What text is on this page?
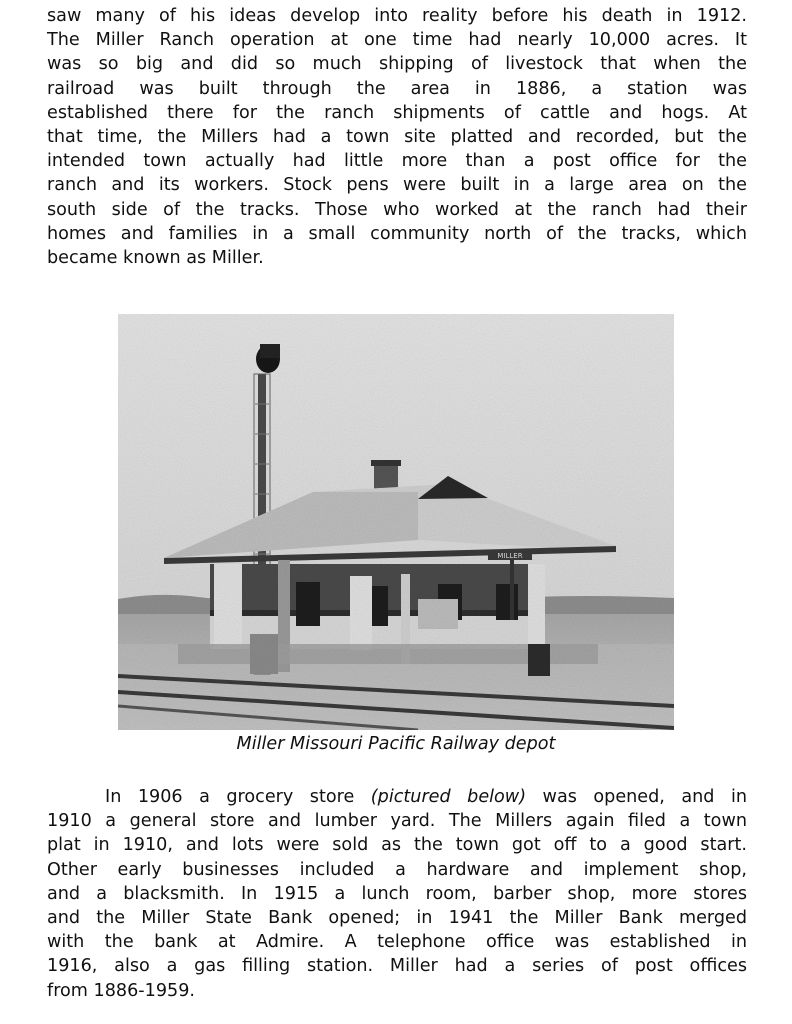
saw many of his ideas develop into reality before his death in 1912.
The Miller Ranch operation at one time had nearly 10,000 acres. It
was so big and did so much shipping of livestock that when the
railroad was built through the area in 1886, a station was
established there for the ranch shipments of cattle and hogs. At
that time, the Millers had a town site platted and recorded, but the
intended town actually had little more than a post office for the
ranch and its workers. Stock pens were built in a large area on the
south side of the tracks. Those who worked at the ranch had their
homes and families in a small community north of the tracks, which
became known as Miller.
MILLER
Miller Missouri Pacific Railway depot
In 1906 a grocery store (pictured below) was opened, and in
1910 a general store and lumber yard. The Millers again filed a town
plat in 1910, and lots were sold as the town got off to a good start.
Other early businesses included a hardware and implement shop,
and a blacksmith. In 1915 a lunch room, barber shop, more stores
and the Miller State Bank opened; in 1941 the Miller Bank merged
with the bank at Admire. A telephone office was established in
1916, also a gas filling station. Miller had a series of post offices
from 1886-1959.
